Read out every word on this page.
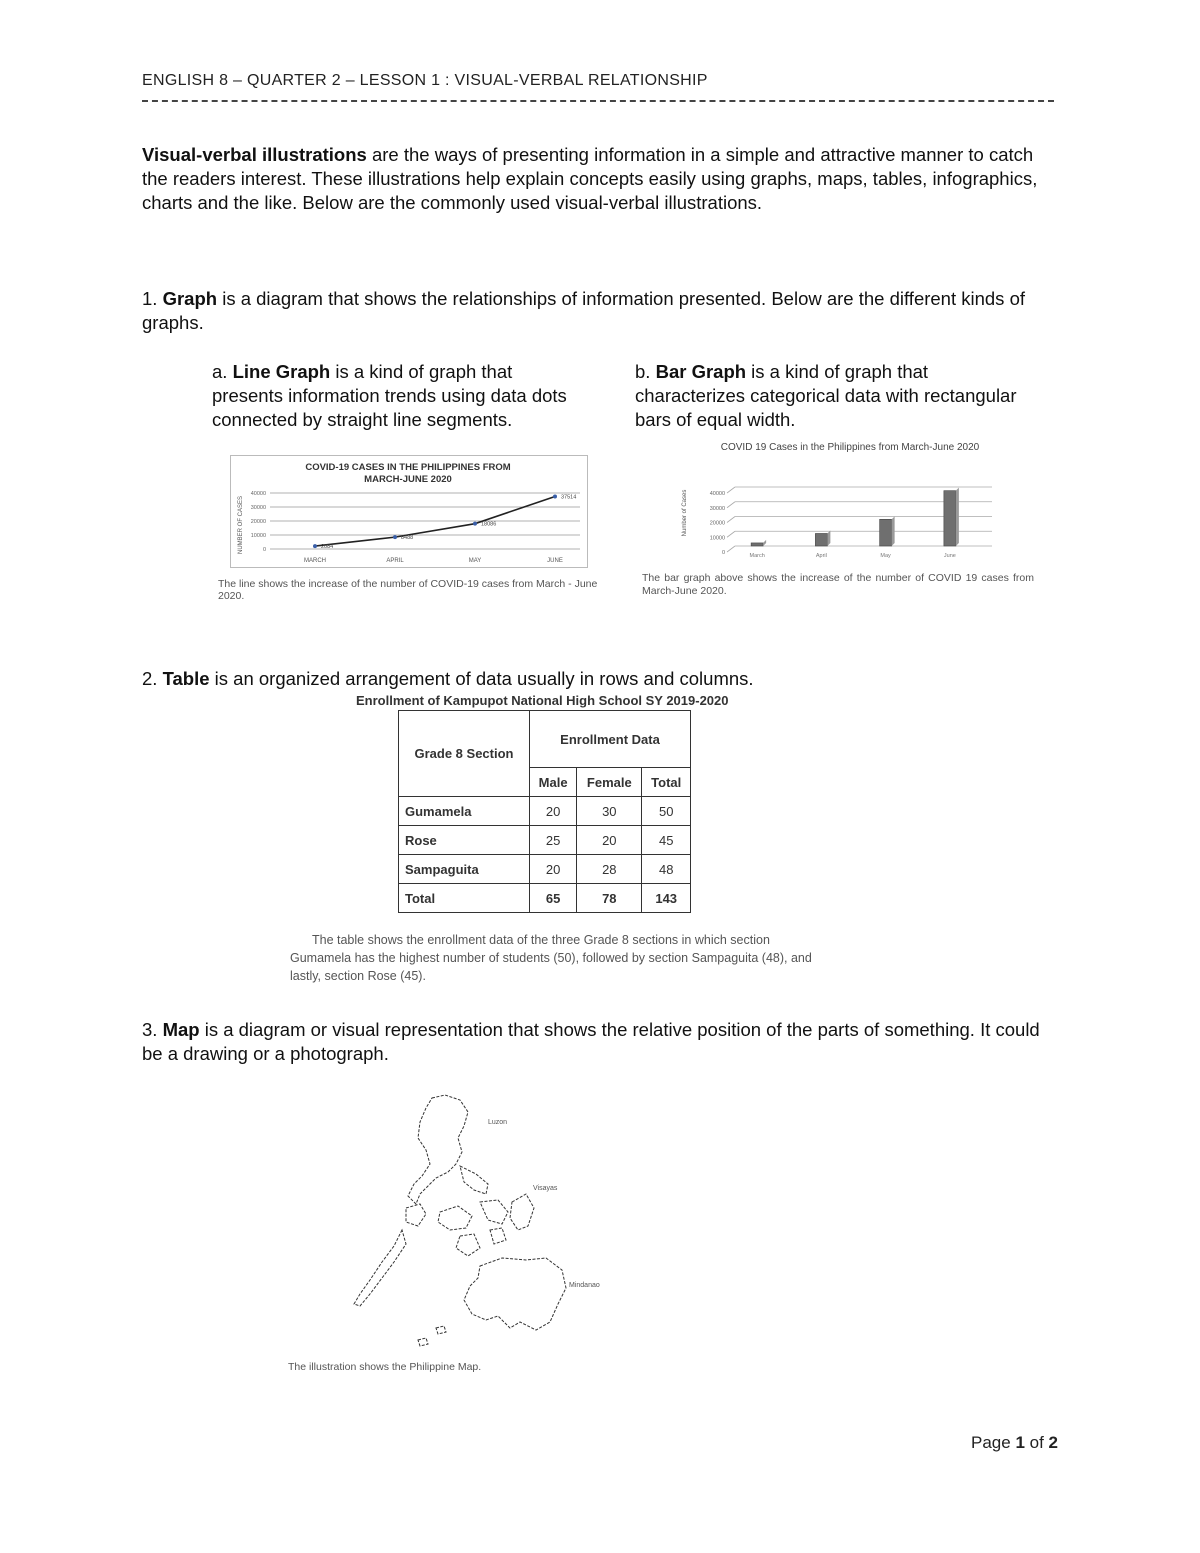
ENGLISH 8 – QUARTER 2 – LESSON 1 : VISUAL-VERBAL RELATIONSHIP
Visual-verbal illustrations are the ways of presenting information in a simple and attractive manner to catch the readers interest. These illustrations help explain concepts easily using graphs, maps, tables, infographics, charts and the like. Below are the commonly used visual-verbal illustrations.
1. Graph is a diagram that shows the relationships of information presented. Below are the different kinds of graphs.
a. Line Graph is a kind of graph that presents information trends using data dots connected by straight line segments.
b. Bar Graph is a kind of graph that characterizes categorical data with rectangular bars of equal width.
COVID-19 CASES IN THE PHILIPPINES FROM
MARCH-JUNE 2020
NUMBER OF CASES	0
10000
20000
30000
40000
2084
MARCH
8488
APRIL
18086
MAY
37514
JUNE
The line shows the increase of the number of COVID-19 cases from March - June 2020.
COVID 19 Cases in the Philippines from March-June 2020
Number of Cases
0
10000
20000
30000
40000
March	April	May	June
The bar graph above shows the increase of the number of COVID 19 cases from March-June 2020.
2. Table is an organized arrangement of data usually in rows and columns.
Enrollment of Kampupot National High School SY 2019-2020
Grade 8 Section	Enrollment Data		
	Male	Female	Total
Gumamela	20	30	50
Rose	25	20	45
Sampaguita	20	28	48
Total	65	78	143
The table shows the enrollment data of the three Grade 8 sections in which section Gumamela has the highest number of students (50), followed by section Sampaguita (48), and lastly, section Rose (45).
3. Map is a diagram or visual representation that shows the relative position of the parts of something. It could be a drawing or a photograph.
Luzon
Visayas
Mindanao
The illustration shows the Philippine Map.
Page 1 of 2
